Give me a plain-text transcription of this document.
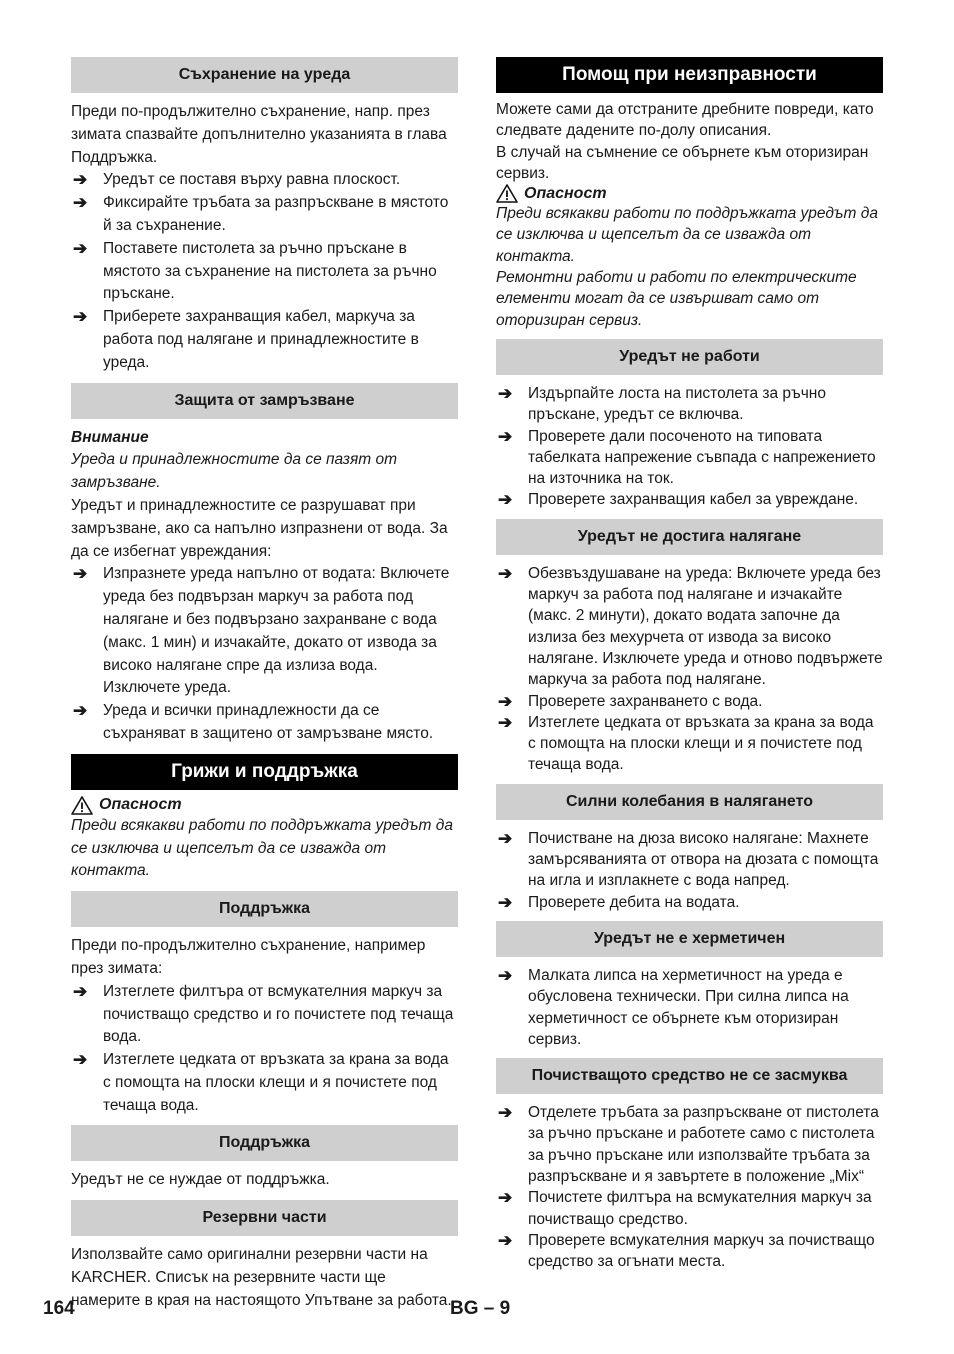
Съхранение на уреда

Преди по-продължително съхранение, напр. през зимата спазвайте допълнително указанията в глава Поддръжка.

➔ Уредът се поставя върху равна плоскост.
➔ Фиксирайте тръбата за разпръскване в мястото й за съхранение.
➔ Поставете пистолета за ръчно пръскане в мястото за съхранение на пистолета за ръчно пръскане.
➔ Приберете захранващия кабел, маркуча за работа под налягане и принадлежностите в уреда.
Защита от замръзване

Внимание

Уреда и принадлежностите да се пазят от замръзване.

Уредът и принадлежностите се разрушават при замръзване, ако са напълно изпразнени от вода. За да се избегнат увреждания:

➔ Изпразнете уреда напълно от водата: Включете уреда без подвързан маркуч за работа под налягане и без подвързано захранване с вода (макс. 1 мин) и изчакайте, докато от извода за високо налягане спре да излиза вода. Изключете уреда.
➔ Уреда и всички принадлежности да се съхраняват в защитено от замръзване място.
Грижи и поддръжка
Опасност

Преди всякакви работи по поддръжката уредът да се изключва и щепселът да се изважда от контакта.

Поддръжка

Преди по-продължително съхранение, например през зимата:

➔ Изтеглете филтъра от всмукателния маркуч за почистващо средство и го почистете под течаща вода.
➔ Изтеглете цедката от връзката за крана за вода с помощта на плоски клещи и я почистете под течаща вода.
Поддръжка

Уредът не се нуждае от поддръжка.

Резервни части

Използвайте само оригинални резервни части на KARCHER. Списък на резервните части ще намерите в края на настоящото Упътване за работа.

Помощ при неизправности

Можете сами да отстраните дребните повреди, като следвате дадените по-долу описания.

В случай на съмнение се обърнете към оторизиран сервиз.

Опасност

Преди всякакви работи по поддръжката уредът да се изключва и щепселът да се изважда от контакта.

Ремонтни работи и работи по електрическите елементи могат да се извършват само от оторизиран сервиз.

Уредът не работи
➔ Издърпайте лоста на пистолета за ръчно пръскане, уредът се включва.
➔ Проверете дали посоченото на типовата табелката напрежение съвпада с напрежението на източника на ток.
➔ Проверете захранващия кабел за увреждане.
Уредът не достига налягане
➔ Обезвъздушаване на уреда: Включете уреда без маркуч за работа под налягане и изчакайте (макс. 2 минути), докато водата започне да излиза без мехурчета от извода за високо налягане. Изключете уреда и отново подвържете маркуча за работа под налягане.
➔ Проверете захранването с вода.
➔ Изтеглете цедката от връзката за крана за вода с помощта на плоски клещи и я почистете под течаща вода.
Силни колебания в налягането
➔ Почистване на дюза високо налягане: Махнете замърсяванията от отвора на дюзата с помощта на игла и изплакнете с вода напред.
➔ Проверете дебита на водата.
Уредът не е херметичен
➔ Малката липса на херметичност на уреда е обусловена технически. При силна липса на херметичност се обърнете към оторизиран сервиз.
Почистващото средство не се засмуква
➔ Отделете тръбата за разпръскване от пистолета за ръчно пръскане и работете само с пистолета за ръчно пръскане или използвайте тръбата за разпръскване и я завъртете в положение „Mix“
➔ Почистете филтъра на всмукателния маркуч за почистващо средство.
➔ Проверете всмукателния маркуч за почистващо средство за огънати места.
164	BG – 9
